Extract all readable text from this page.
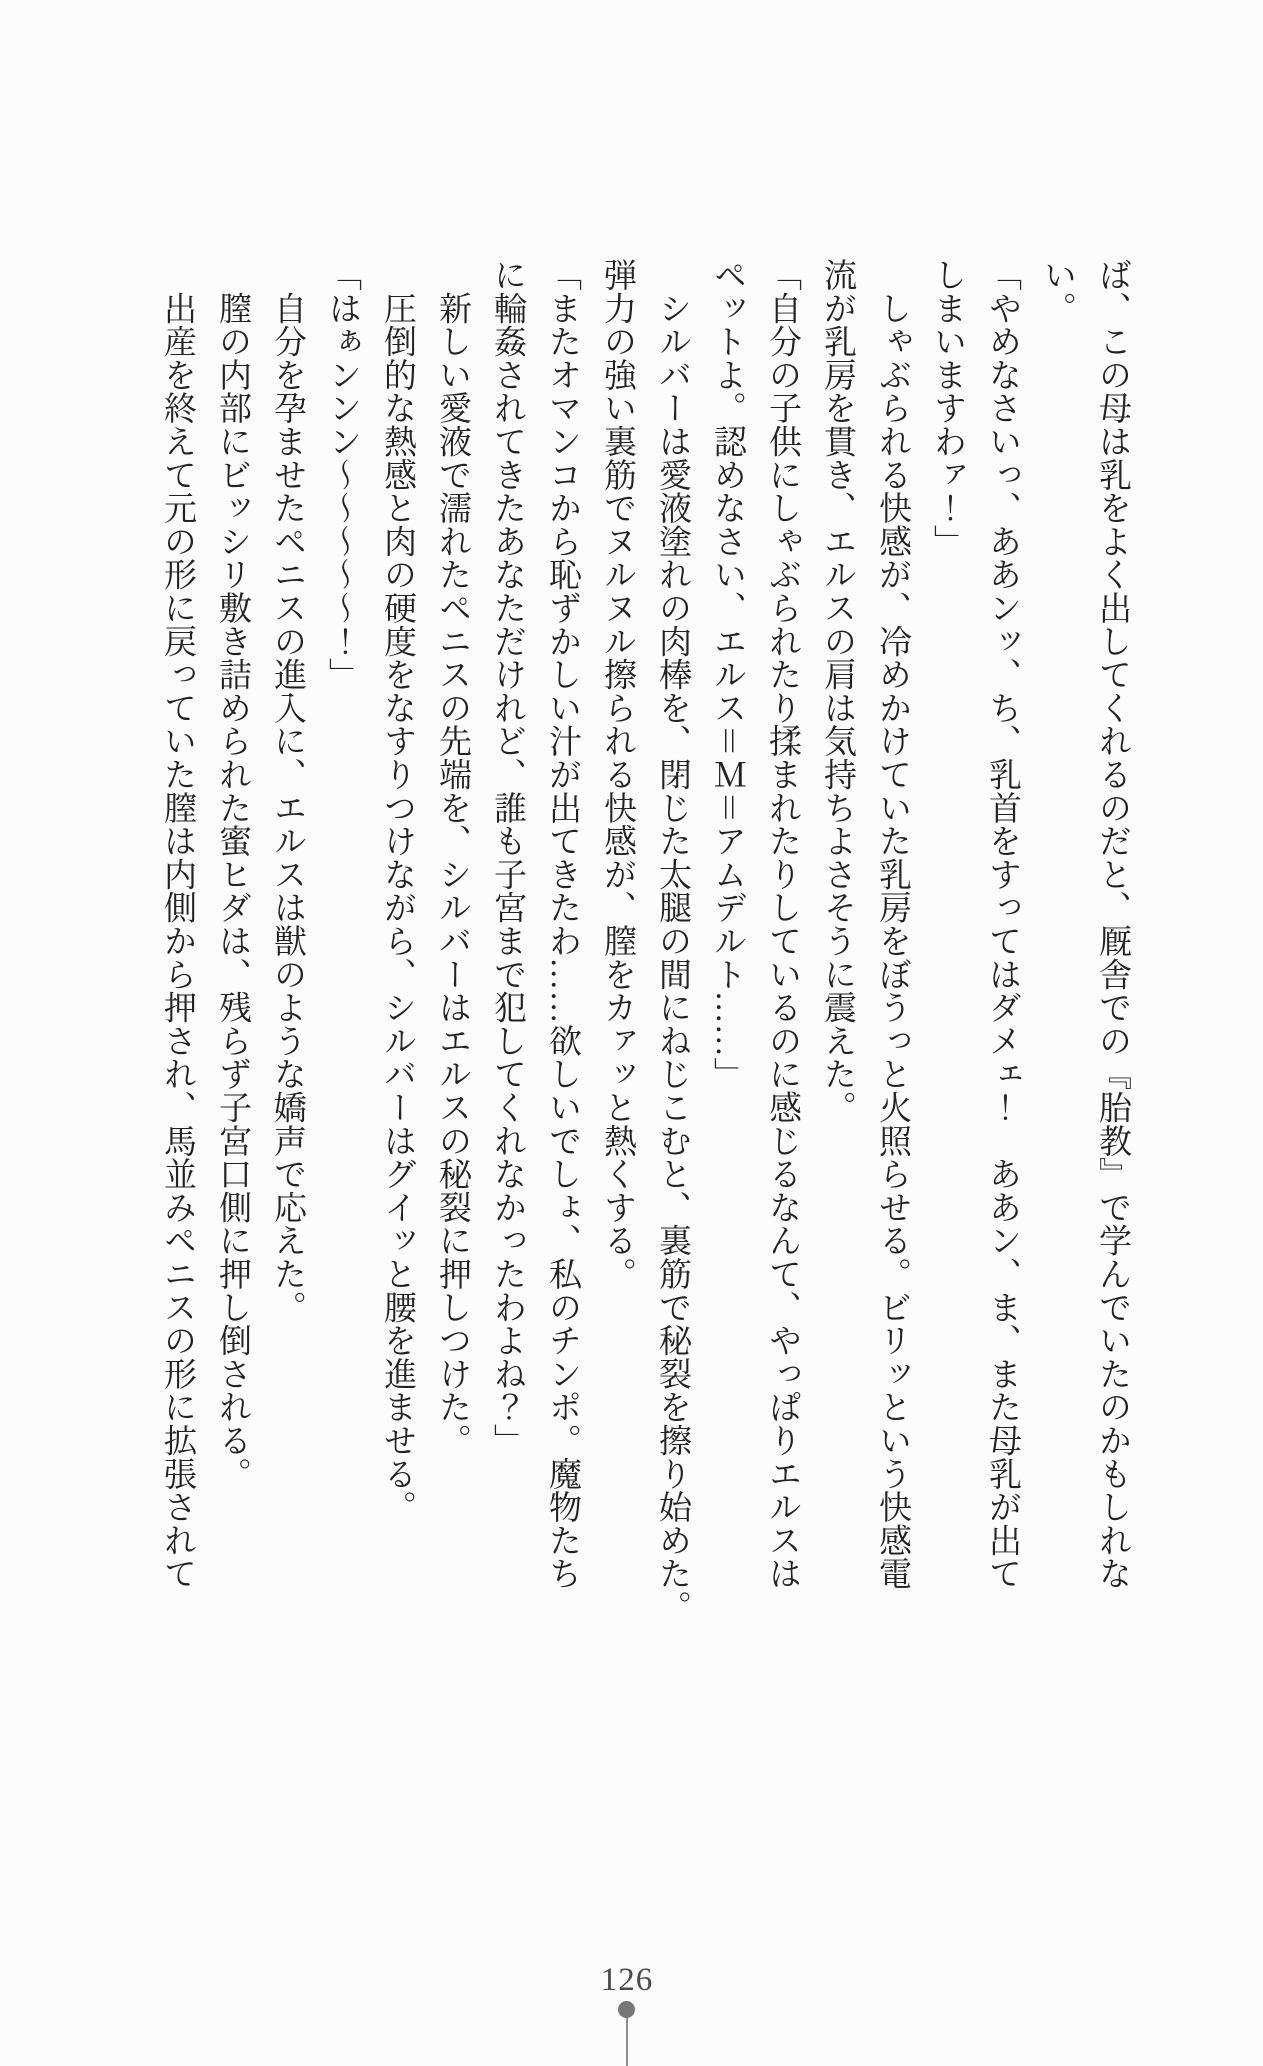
ば、この母は乳をよく出してくれるのだと、厩舎での『胎教』で学んでいたのかもしれな
い。
「やめなさいっ、ああンッ、ち、乳首をすってはダメェ！　ああン、ま、また母乳が出て
しまいますわァ！」
　しゃぶられる快感が、冷めかけていた乳房をぼうっと火照らせる。ビリッという快感電
流が乳房を貫き、エルスの肩は気持ちよさそうに震えた。
「自分の子供にしゃぶられたり揉まれたりしているのに感じるなんて、やっぱりエルスは
ペットよ。認めなさい、エルス＝Ｍ＝アムデルト……」
　シルバーは愛液塗れの肉棒を、閉じた太腿の間にねじこむと、裏筋で秘裂を擦り始めた。
弾力の強い裏筋でヌルヌル擦られる快感が、膣をカァッと熱くする。
「またオマンコから恥ずかしい汁が出てきたわ……欲しいでしょ、私のチンポ。魔物たち
に輪姦されてきたあなただけれど、誰も子宮まで犯してくれなかったわよね？」
　新しい愛液で濡れたペニスの先端を、シルバーはエルスの秘裂に押しつけた。
　圧倒的な熱感と肉の硬度をなすりつけながら、シルバーはグイッと腰を進ませる。
「はぁンンン～～～～～！」
　自分を孕ませたペニスの進入に、エルスは獣のような嬌声で応えた。
　膣の内部にビッシリ敷き詰められた蜜ヒダは、残らず子宮口側に押し倒される。
　出産を終えて元の形に戻っていた膣は内側から押され、馬並みペニスの形に拡張されて
126
